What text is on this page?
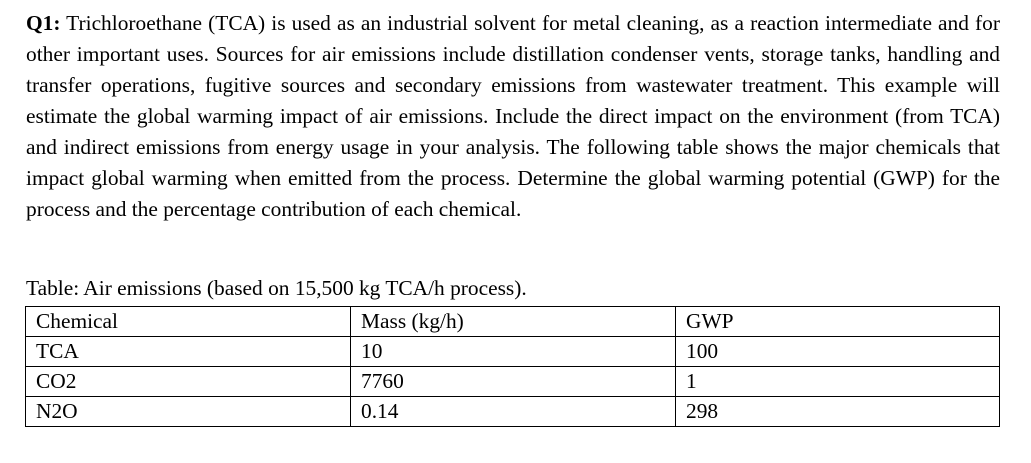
Q1: Trichloroethane (TCA) is used as an industrial solvent for metal cleaning, as a reaction intermediate and for other important uses. Sources for air emissions include distillation condenser vents, storage tanks, handling and transfer operations, fugitive sources and secondary emissions from wastewater treatment. This example will estimate the global warming impact of air emissions. Include the direct impact on the environment (from TCA) and indirect emissions from energy usage in your analysis. The following table shows the major chemicals that impact global warming when emitted from the process. Determine the global warming potential (GWP) for the process and the percentage contribution of each chemical.

Table: Air emissions (based on 15,500 kg TCA/h process).

Chemical	Mass (kg/h)	GWP
TCA	10	100
CO2	7760	1
N2O	0.14	298
